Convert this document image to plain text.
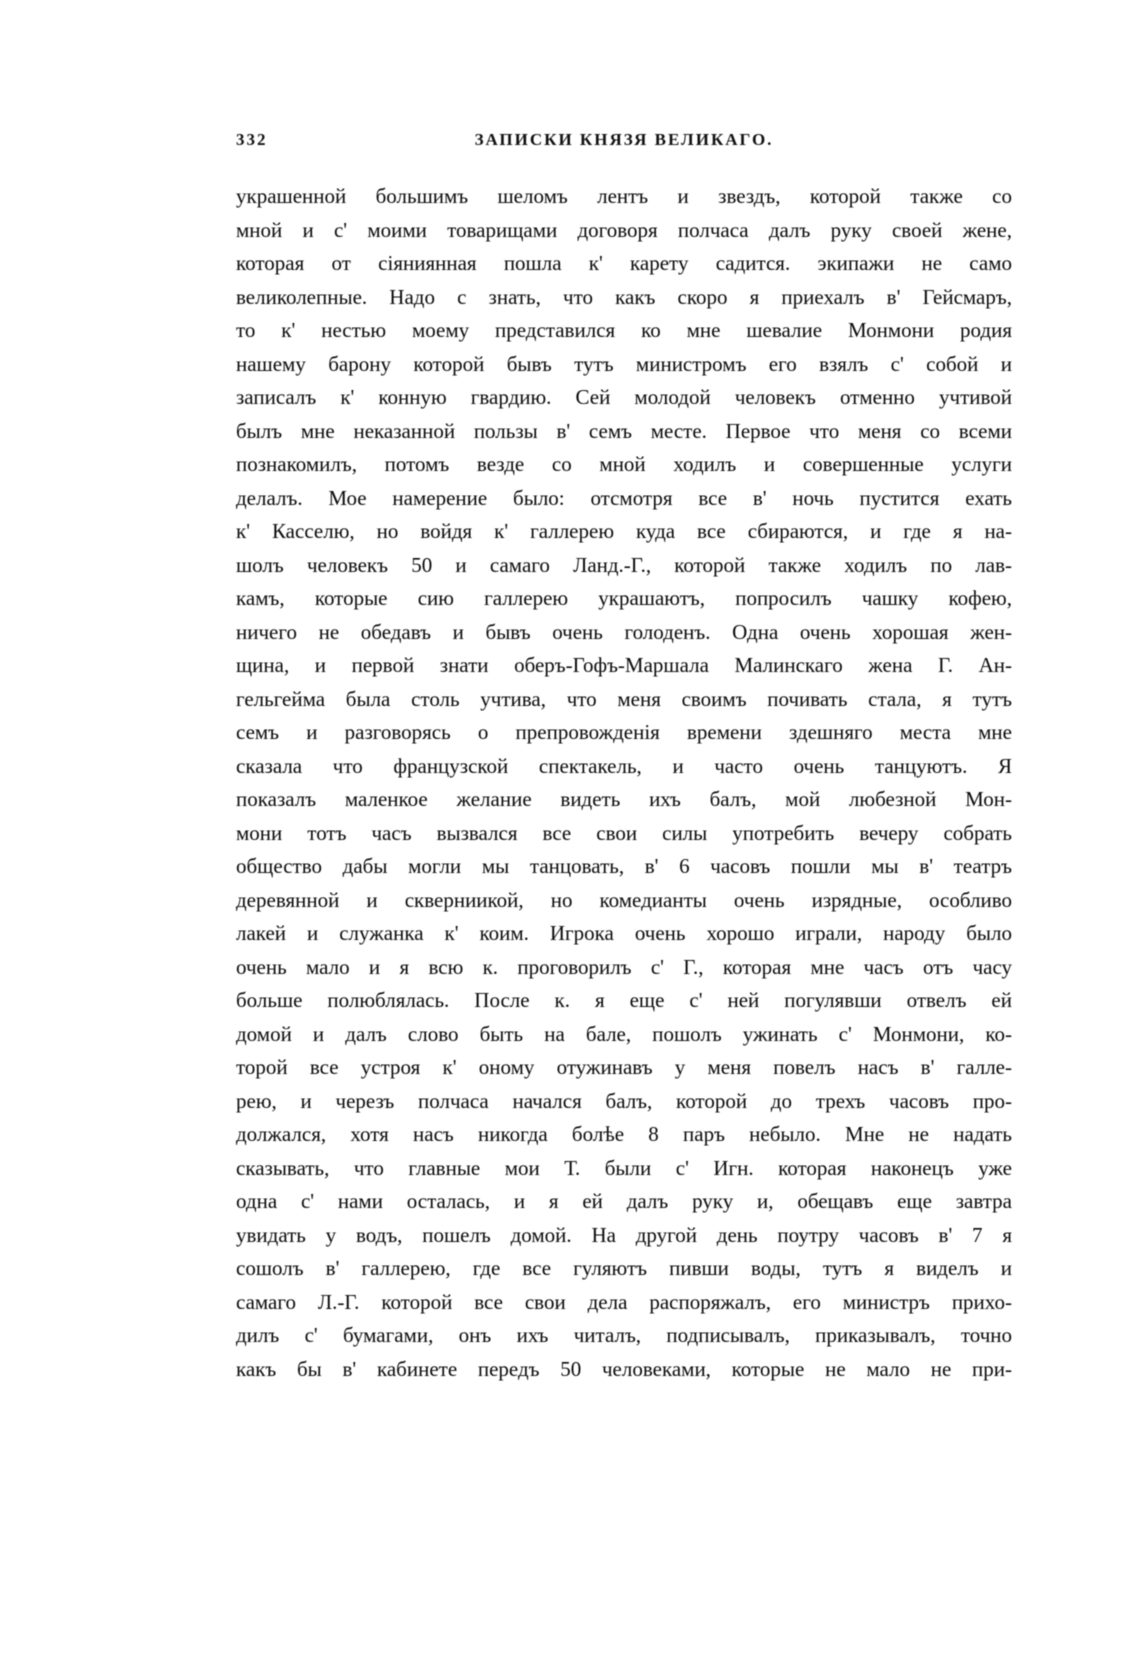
332	ЗАПИСКИ КНЯЗЯ ВЕЛИКАГО.
украшенной большимъ шеломъ лентъ и звездъ, которой также со
мной и с' моими товарищами договоря полчаса далъ руку своей жене,
которая от сіяниянная пошла к' карету садится. экипажи не само
великолепные. Надо с знать, что какъ скоро я приехалъ в' Гейсмаръ,
то к' нестью моему представился ко мне шевалие Монмони родия
нашему барону которой бывъ тутъ министромъ его взялъ с' собой и
записалъ к' конную гвардию. Сей молодой человекъ отменно учтивой
былъ мне неказанной пользы в' семъ месте. Первое что меня со всеми
познакомилъ, потомъ везде со мной ходилъ и совершенные услуги
делалъ. Мое намерение было: отсмотря все в' ночь пустится ехать
к' Касселю, но войдя к' галлерею куда все сбираются, и где я на-
шолъ человекъ 50 и самаго Ланд.-Г., которой также ходилъ по лав-
камъ, которые сию галлерею украшаютъ, попросилъ чашку кофею,
ничего не обедавъ и бывъ очень голоденъ. Одна очень хорошая жен-
щина, и первой знати оберъ-Гофъ-Маршала Малинскаго жена Г. Ан-
гельгейма была столь учтива, что меня своимъ почивать стала, я тутъ
семъ и разговорясь о препровожденія времени здешняго места мне
сказала что французской спектакель, и часто очень танцуютъ. Я
показалъ маленкое желание видеть ихъ балъ, мой любезной Мон-
мони тотъ часъ вызвался все свои силы употребить вечеру собрать
общество дабы могли мы танцовать, в' 6 часовъ пошли мы в' театръ
деревянной и скверниикой, но комедианты очень изрядные, особливо
лакей и служанка к' коим. Игрока очень хорошо играли, народу было
очень мало и я всю к. проговорилъ с' Г., которая мне часъ отъ часу
больше полюблялась. После к. я еще с' ней погулявши отвелъ ей
домой и далъ слово быть на бале, пошолъ ужинать с' Монмони, ко-
торой все устроя к' оному отужинавъ у меня повелъ насъ в' галле-
рею, и черезъ полчаса начался балъ, которой до трехъ часовъ про-
должался, хотя насъ никогда болѣе 8 паръ небыло. Мне не надать
сказывать, что главные мои Т. были с' Игн. которая наконецъ уже
одна с' нами осталась, и я ей далъ руку и, обещавъ еще завтра
увидать у водъ, пошелъ домой. На другой день поутру часовъ в' 7 я
сошолъ в' галлерею, где все гуляютъ пивши воды, тутъ я виделъ и
самаго Л.-Г. которой все свои дела распоряжалъ, его министръ прихо-
дилъ с' бумагами, онъ ихъ читалъ, подписывалъ, приказывалъ, точно
какъ бы в' кабинете передъ 50 человеками, которые не мало не при-
